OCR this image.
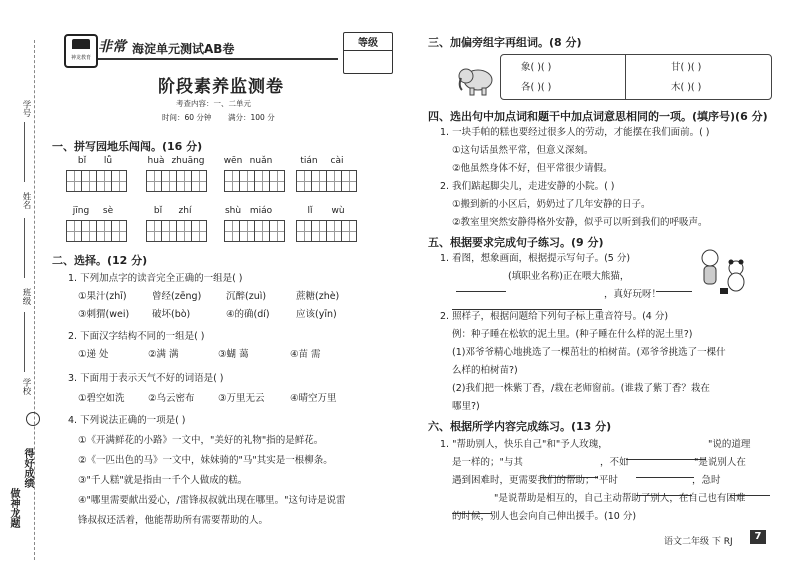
学号
姓名
班级
学校
得好成绩
做神龙题
神龙教育
非常 海淀单元测试AB卷	等级
阶段素养监测卷
考查内容：一、二单元
时间：60 分钟 满分：100 分
一、拼写园地乐闯闯。(16 分)
bǐ	lǚ	huà zhuāng wēn nuǎn	tián	cài
jīng	sè	bǐ	zhí	shù miáo	lǐ	wù
二、选择。(12 分)
1. 下列加点字的读音完全正确的一组是( )
①果汁(zhī)	曾经(zēng)	沉醉(zuì)	蔗糖(zhè)
③刺猬(wei) 破坏(bò)	④的确(dí)	应该(yīn)
2. 下面汉字结构不同的一组是( )
①递 处	②满 满	③蝴 蔼	④苗 需
3. 下面用于表示天气不好的词语是( )
①碧空如洗 ②乌云密布 ③万里无云	④晴空万里
4. 下列说法正确的一项是( )
①《开满鲜花的小路》一文中，"美好的礼物"指的是鲜花。
②《一匹出色的马》一文中，妹妹骑的"马"其实是一根柳条。
③"千人糕"就是指由一千个人做成的糕。
④"哪里需要献出爱心，/雷锋叔叔就出现在哪里。"这句诗是说雷
锋叔叔还活着，他能帮助所有需要帮助的人。
三、加偏旁组字再组词。(8 分)
象( )( )	甘( )( )
各( )( )	木( )( )
四、选出句中加点词和题干中加点词意思相同的一项。(填序号)(6 分)
1. 一块手帕的糕也要经过很多人的劳动，才能摆在我们面前。( )
①这句话虽然平常，但意义深刻。
②他虽然身体不好，但平常很少请假。
2. 我们踮起脚尖儿，走进安静的小院。( )
①搬到新的小区后，奶奶过了几年安静的日子。
②教室里突然安静得格外安静，似乎可以听到我们的呼吸声。
五、根据要求完成句子练习。(9 分)
1. 看图，想象画面，根据提示写句子。(5 分)
(填职业名称)正在喂大熊猫，
，真好玩呀！
2. 照样子，根据问题给下列句子标上重音符号。(4 分)
例：种子睡在松软的泥土里。(种子睡在什么样的泥土里?)
(1)邓爷爷精心地挑选了一棵茁壮的柏树苗。(邓爷爷挑选了一棵什
么样的柏树苗?)
(2)我们把一株紫丁香，/栽在老师窗前。(谁栽了紫丁香？栽在
哪里?)
六、根据所学内容完成练习。(13 分)
1. "帮助别人，快乐自己"和"予人玫瑰，	"说的道理
是一样的；"与其	，不如	"是说别人在
遇到困难时，更需要我们的帮助；"平时	，急时
"是说帮助是相互的，自己主动帮助了别人，在自己也有困难
的时候，别人也会向自己伸出援手。(10 分)
语文二年级 下 RJ	7
